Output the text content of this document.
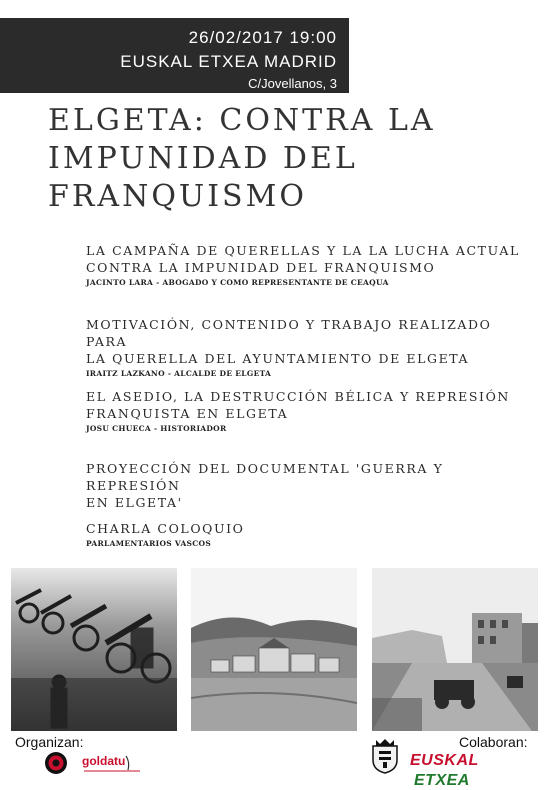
26/02/2017 19:00
EUSKAL ETXEA MADRID
C/Jovellanos, 3
ELGETA: CONTRA LA
IMPUNIDAD DEL
FRANQUISMO
LA CAMPAÑA DE QUERELLAS Y LA LA LUCHA ACTUAL
CONTRA LA IMPUNIDAD DEL FRANQUISMO
JACINTO LARA - ABOGADO Y COMO REPRESENTANTE DE CEAQUA
MOTIVACIÓN, CONTENIDO Y TRABAJO REALIZADO PARA
LA QUERELLA DEL AYUNTAMIENTO DE ELGETA
IRAITZ LAZKANO - ALCALDE DE ELGETA
EL ASEDIO, LA DESTRUCCIÓN BÉLICA Y REPRESIÓN
FRANQUISTA EN ELGETA
JOSU CHUECA - HISTORIADOR
PROYECCIÓN DEL DOCUMENTAL 'GUERRA Y REPRESIÓN
EN ELGETA'
CHARLA COLOQUIO
PARLAMENTARIOS VASCOS
Organizan:	Colaboran:
goldatu	EUSKAL ETXEA
